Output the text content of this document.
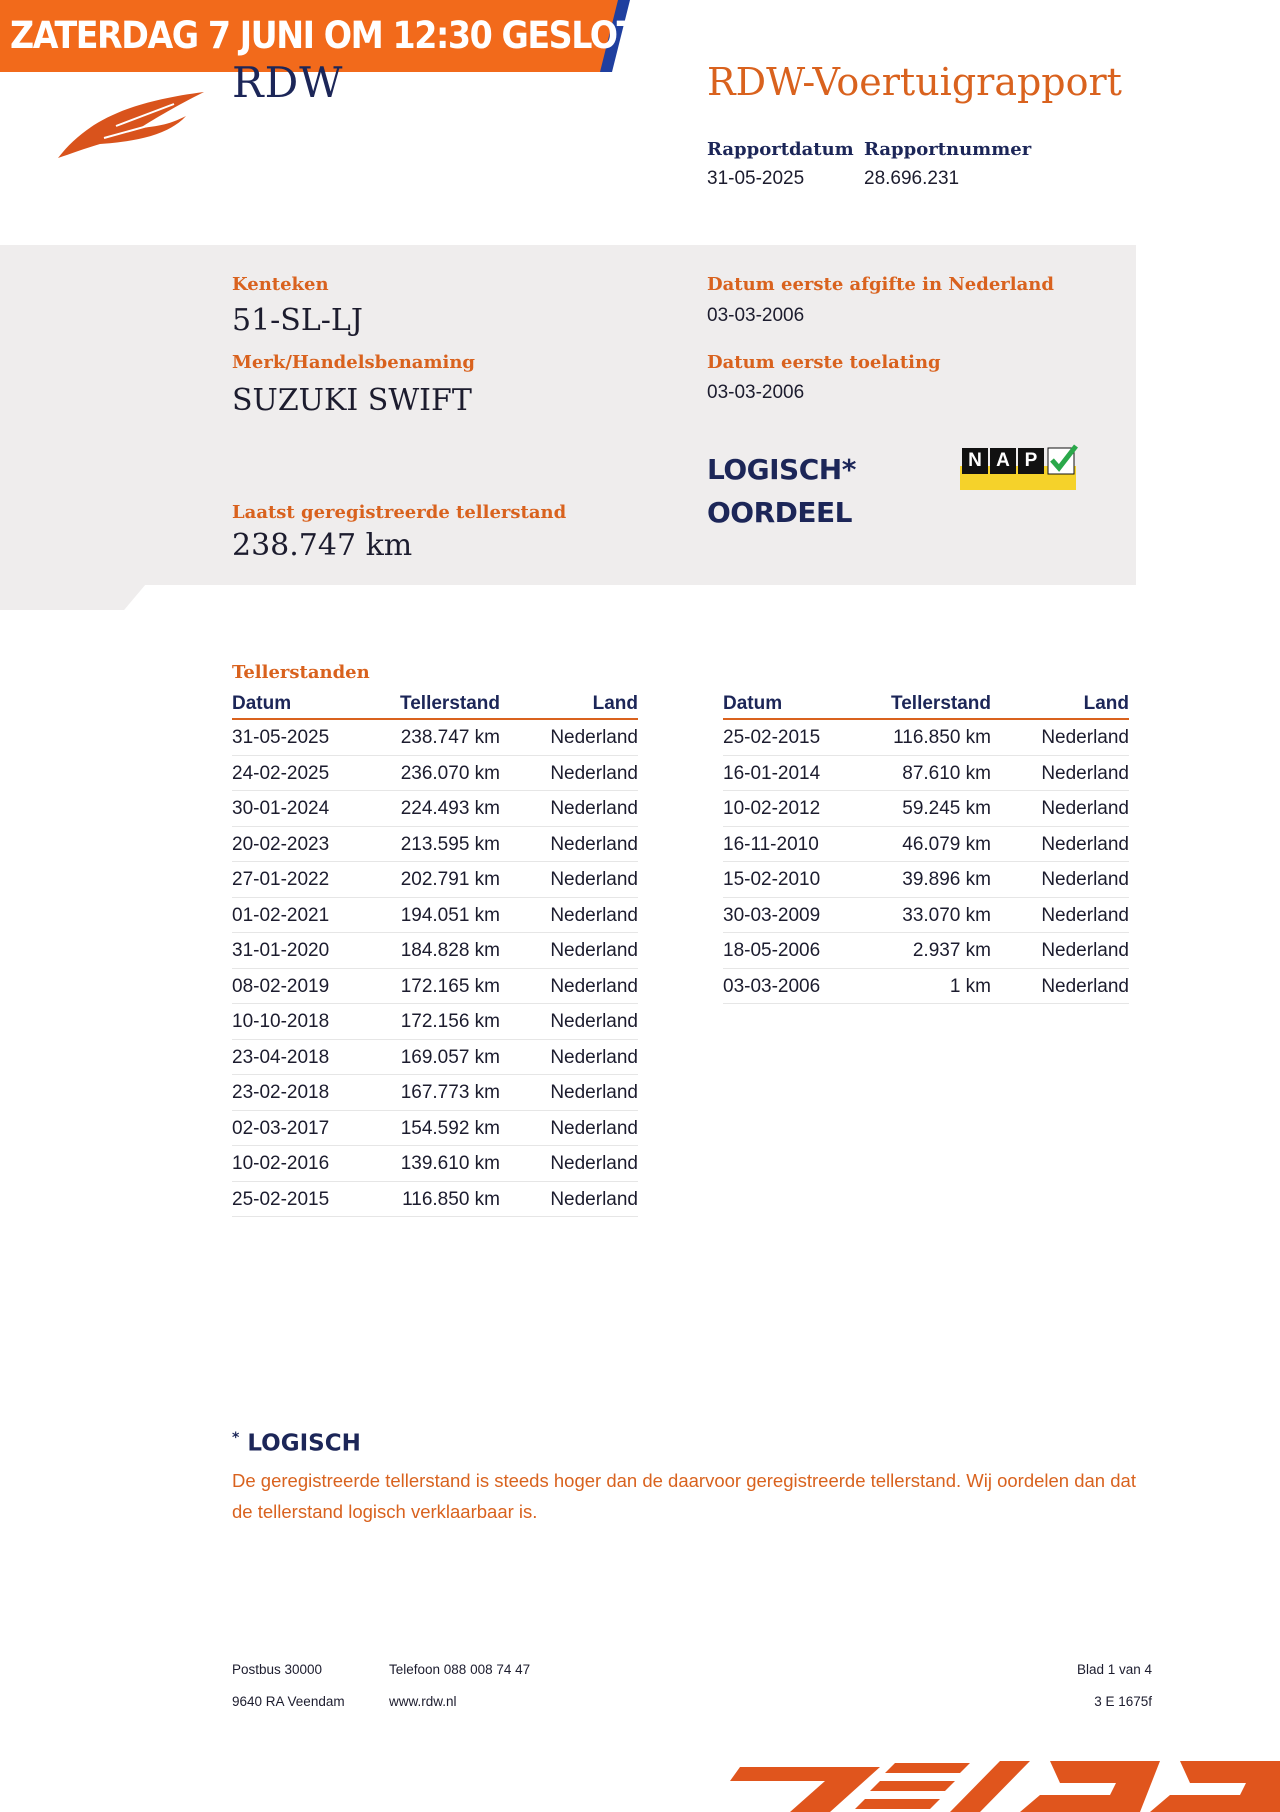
ZATERDAG 7 JUNI OM 12:30 GESLOTEN
RDW	RDW-Voertuigrapport
Rapportdatum Rapportnummer
31-05-2025	28.696.231
Kenteken
51-SL-LJ
Merk/Handelsbenaming
SUZUKI SWIFT
Laatst geregistreerde tellerstand
238.747 km
Datum eerste afgifte in Nederland
03-03-2006
Datum eerste toelating
03-03-2006
LOGISCH*
OORDEEL
N A P
Tellerstanden
Datum	Tellerstand	Land
31-05-2025	238.747 km	Nederland
24-02-2025	236.070 km	Nederland
30-01-2024	224.493 km	Nederland
20-02-2023	213.595 km	Nederland
27-01-2022	202.791 km	Nederland
01-02-2021	194.051 km	Nederland
31-01-2020	184.828 km	Nederland
08-02-2019	172.165 km	Nederland
10-10-2018	172.156 km	Nederland
23-04-2018	169.057 km	Nederland
23-02-2018	167.773 km	Nederland
02-03-2017	154.592 km	Nederland
10-02-2016	139.610 km	Nederland
25-02-2015	116.850 km	Nederland
Datum	Tellerstand	Land
25-02-2015	116.850 km	Nederland
16-01-2014	87.610 km	Nederland
10-02-2012	59.245 km	Nederland
16-11-2010	46.079 km	Nederland
15-02-2010	39.896 km	Nederland
30-03-2009	33.070 km	Nederland
18-05-2006	2.937 km	Nederland
03-03-2006	1 km	Nederland
* LOGISCH
De geregistreerde tellerstand is steeds hoger dan de daarvoor geregistreerde tellerstand. Wij oordelen dan dat de tellerstand logisch verklaarbaar is.
Postbus 30000
9640 RA Veendam
Telefoon 088 008 74 47
www.rdw.nl
Blad 1 van 4
3 E 1675f
